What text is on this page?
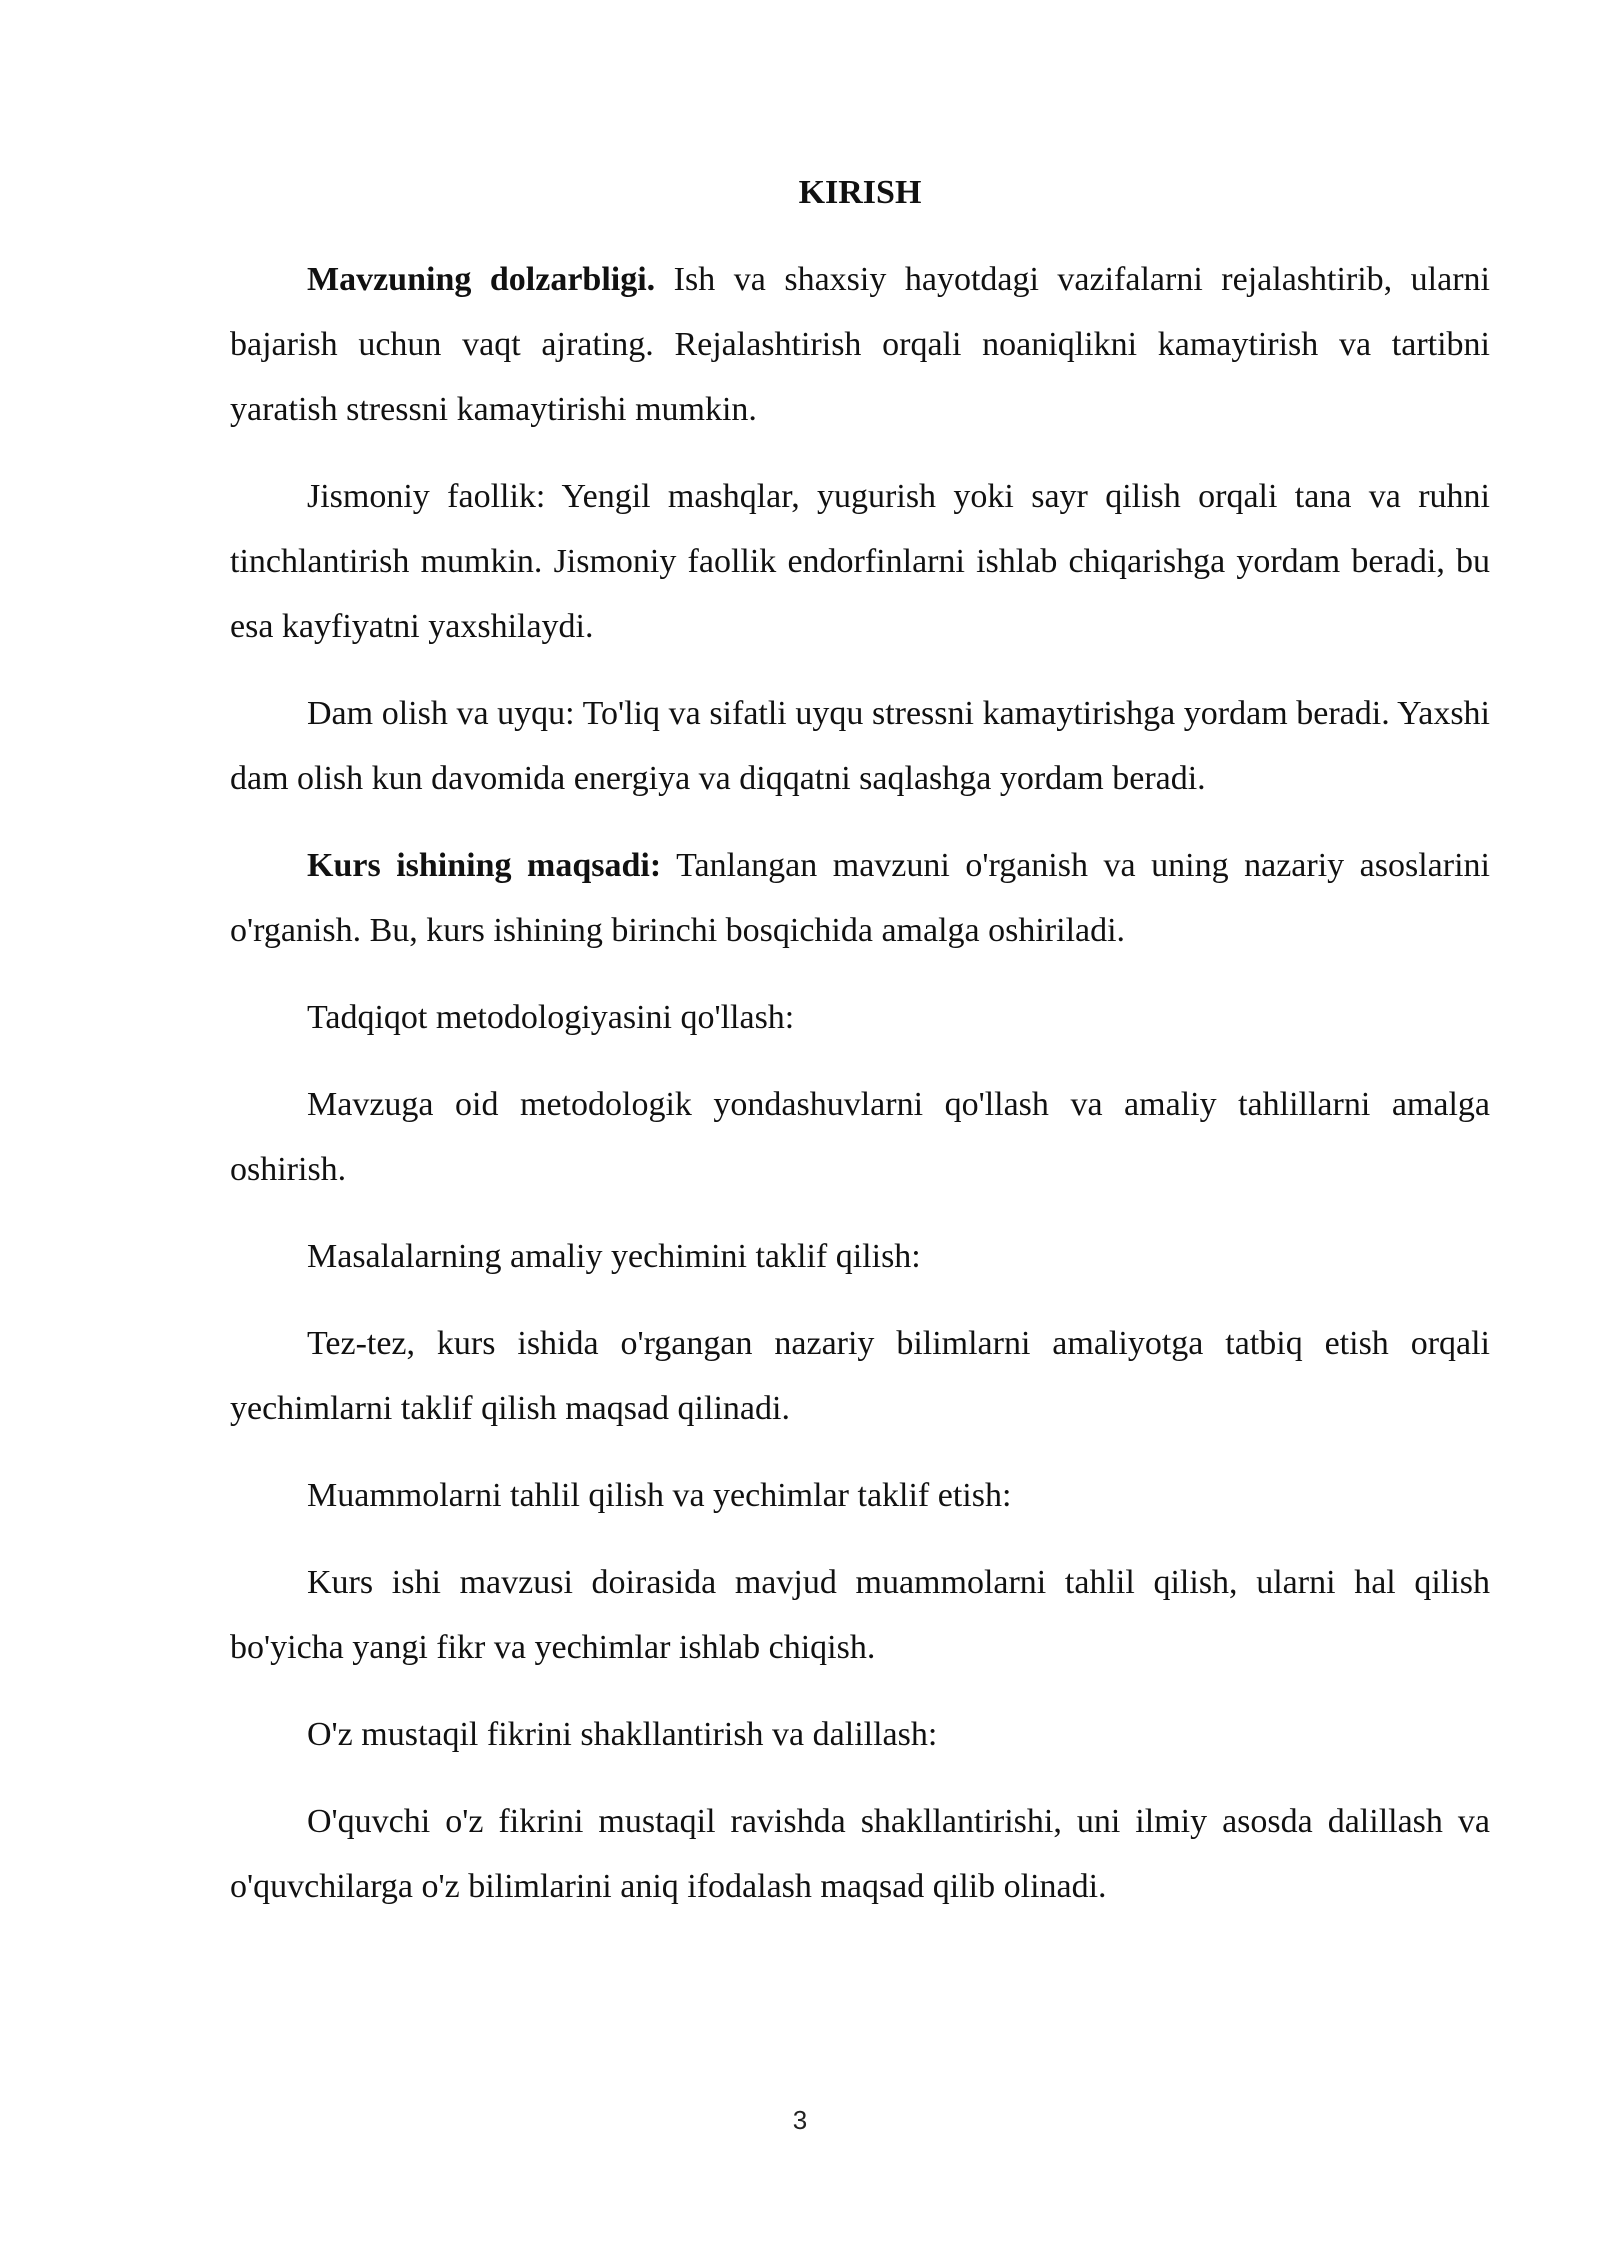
KIRISH

Mavzuning dolzarbligi. Ish va shaxsiy hayotdagi vazifalarni rejalashtirib, ularni bajarish uchun vaqt ajrating. Rejalashtirish orqali noaniqlikni kamaytirish va tartibni yaratish stressni kamaytirishi mumkin.

Jismoniy faollik: Yengil mashqlar, yugurish yoki sayr qilish orqali tana va ruhni tinchlantirish mumkin. Jismoniy faollik endorfinlarni ishlab chiqarishga yordam beradi, bu esa kayfiyatni yaxshilaydi.

Dam olish va uyqu: To'liq va sifatli uyqu stressni kamaytirishga yordam beradi. Yaxshi dam olish kun davomida energiya va diqqatni saqlashga yordam beradi.

Kurs ishining maqsadi: Tanlangan mavzuni o'rganish va uning nazariy asoslarini o'rganish. Bu, kurs ishining birinchi bosqichida amalga oshiriladi.

Tadqiqot metodologiyasini qo'llash:

Mavzuga oid metodologik yondashuvlarni qo'llash va amaliy tahlillarni amalga oshirish.

Masalalarning amaliy yechimini taklif qilish:

Tez-tez, kurs ishida o'rgangan nazariy bilimlarni amaliyotga tatbiq etish orqali yechimlarni taklif qilish maqsad qilinadi.

Muammolarni tahlil qilish va yechimlar taklif etish:

Kurs ishi mavzusi doirasida mavjud muammolarni tahlil qilish, ularni hal qilish bo'yicha yangi fikr va yechimlar ishlab chiqish.

O'z mustaqil fikrini shakllantirish va dalillash:

O'quvchi o'z fikrini mustaqil ravishda shakllantirishi, uni ilmiy asosda dalillash va o'quvchilarga o'z bilimlarini aniq ifodalash maqsad qilib olinadi.

3
